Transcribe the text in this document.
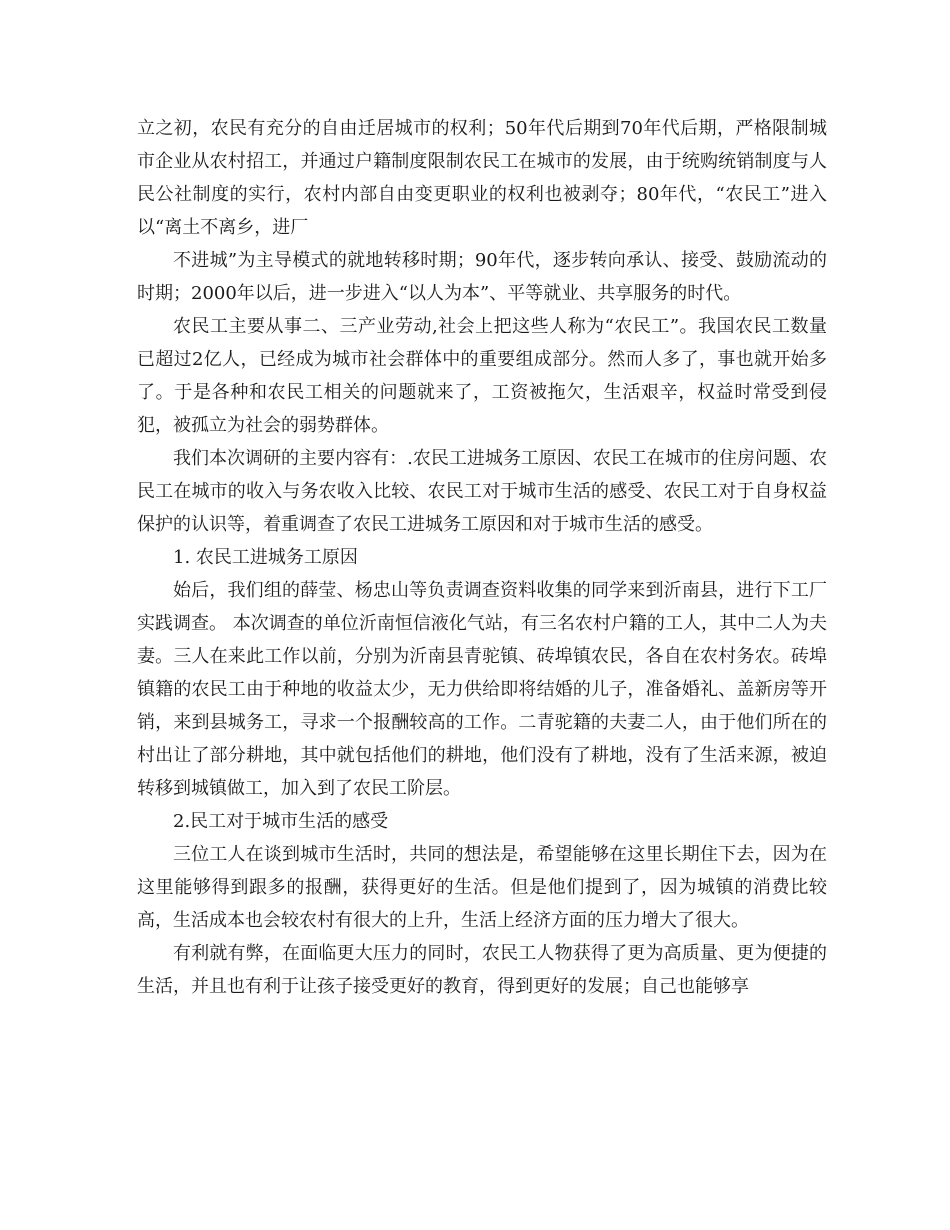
立之初，农民有充分的自由迁居城市的权利；50年代后期到70年代后期，严格限制城市企业从农村招工，并通过户籍制度限制农民工在城市的发展，由于统购统销制度与人民公社制度的实行，农村内部自由变更职业的权利也被剥夺；80年代，“农民工”进入以“离土不离乡，进厂

不进城”为主导模式的就地转移时期；90年代，逐步转向承认、接受、鼓励流动的时期；2000年以后，进一步进入“以人为本”、平等就业、共享服务的时代。

农民工主要从事二、三产业劳动,社会上把这些人称为“农民工”。我国农民工数量已超过2亿人，已经成为城市社会群体中的重要组成部分。然而人多了，事也就开始多了。于是各种和农民工相关的问题就来了，工资被拖欠，生活艰辛，权益时常受到侵犯，被孤立为社会的弱势群体。

我们本次调研的主要内容有：.农民工进城务工原因、农民工在城市的住房问题、农民工在城市的收入与务农收入比较、农民工对于城市生活的感受、农民工对于自身权益保护的认识等，着重调查了农民工进城务工原因和对于城市生活的感受。

1. 农民工进城务工原因

始后，我们组的薛莹、杨忠山等负责调查资料收集的同学来到沂南县，进行下工厂实践调查。 本次调查的单位沂南恒信液化气站，有三名农村户籍的工人，其中二人为夫妻。三人在来此工作以前，分别为沂南县青驼镇、砖埠镇农民，各自在农村务农。砖埠镇籍的农民工由于种地的收益太少，无力供给即将结婚的儿子，准备婚礼、盖新房等开销，来到县城务工，寻求一个报酬较高的工作。二青驼籍的夫妻二人，由于他们所在的村出让了部分耕地，其中就包括他们的耕地，他们没有了耕地，没有了生活来源，被迫转移到城镇做工，加入到了农民工阶层。

2.民工对于城市生活的感受

三位工人在谈到城市生活时，共同的想法是，希望能够在这里长期住下去，因为在这里能够得到跟多的报酬，获得更好的生活。但是他们提到了，因为城镇的消费比较高，生活成本也会较农村有很大的上升，生活上经济方面的压力增大了很大。

有利就有弊，在面临更大压力的同时，农民工人物获得了更为高质量、更为便捷的生活，并且也有利于让孩子接受更好的教育，得到更好的发展；自己也能够享
